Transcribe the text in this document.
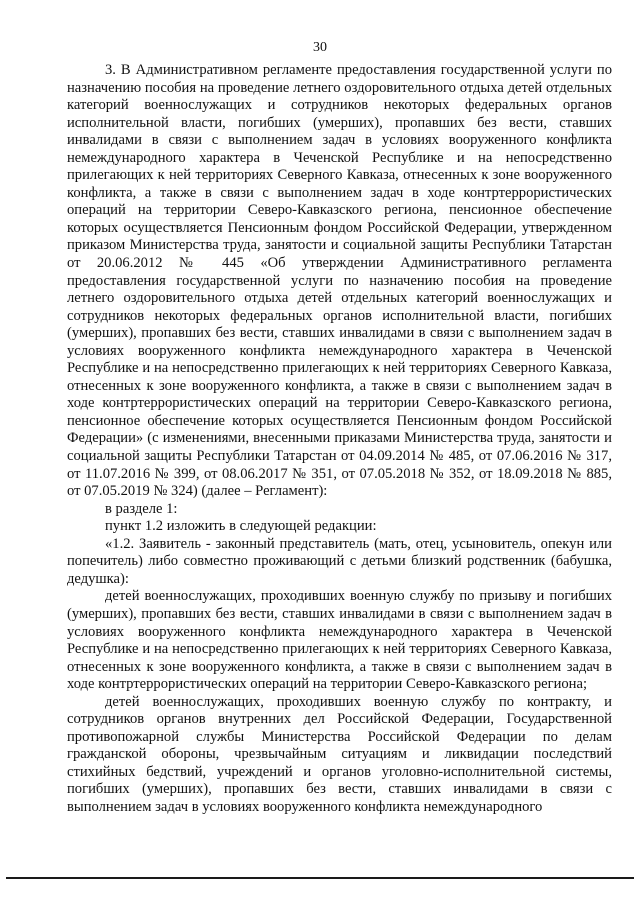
30

3. В Административном регламенте предоставления государственной услуги по назначению пособия на проведение летнего оздоровительного отдыха детей отдельных категорий военнослужащих и сотрудников некоторых федеральных органов исполнительной власти, погибших (умерших), пропавших без вести, ставших инвалидами в связи с выполнением задач в условиях вооруженного конфликта немеждународного характера в Чеченской Республике и на непосредственно прилегающих к ней территориях Северного Кавказа, отнесенных к зоне вооруженного конфликта, а также в связи с выполнением задач в ходе контртеррористических операций на территории Северо-Кавказского региона, пенсионное обеспечение которых осуществляется Пенсионным фондом Российской Федерации, утвержденном приказом Министерства труда, занятости и социальной защиты Республики Татарстан от 20.06.2012 № 445 «Об утверждении Административного регламента предоставления государственной услуги по назначению пособия на проведение летнего оздоровительного отдыха детей отдельных категорий военнослужащих и сотрудников некоторых федеральных органов исполнительной власти, погибших (умерших), пропавших без вести, ставших инвалидами в связи с выполнением задач в условиях вооруженного конфликта немеждународного характера в Чеченской Республике и на непосредственно прилегающих к ней территориях Северного Кавказа, отнесенных к зоне вооруженного конфликта, а также в связи с выполнением задач в ходе контртеррористических операций на территории Северо-Кавказского региона, пенсионное обеспечение которых осуществляется Пенсионным фондом Российской Федерации» (с изменениями, внесенными приказами Министерства труда, занятости и социальной защиты Республики Татарстан от 04.09.2014 № 485, от 07.06.2016 № 317, от 11.07.2016 № 399, от 08.06.2017 № 351, от 07.05.2018 № 352, от 18.09.2018 № 885, от 07.05.2019 № 324) (далее – Регламент):

в разделе 1:

пункт 1.2 изложить в следующей редакции:

«1.2. Заявитель - законный представитель (мать, отец, усыновитель, опекун или попечитель) либо совместно проживающий с детьми близкий родственник (бабушка, дедушка):

детей военнослужащих, проходивших военную службу по призыву и погибших (умерших), пропавших без вести, ставших инвалидами в связи с выполнением задач в условиях вооруженного конфликта немеждународного характера в Чеченской Республике и на непосредственно прилегающих к ней территориях Северного Кавказа, отнесенных к зоне вооруженного конфликта, а также в связи с выполнением задач в ходе контртеррористических операций на территории Северо-Кавказского региона;

детей военнослужащих, проходивших военную службу по контракту, и сотрудников органов внутренних дел Российской Федерации, Государственной противопожарной службы Министерства Российской Федерации по делам гражданской обороны, чрезвычайным ситуациям и ликвидации последствий стихийных бедствий, учреждений и органов уголовно-исполнительной системы, погибших (умерших), пропавших без вести, ставших инвалидами в связи с выполнением задач в условиях вооруженного конфликта немеждународного
